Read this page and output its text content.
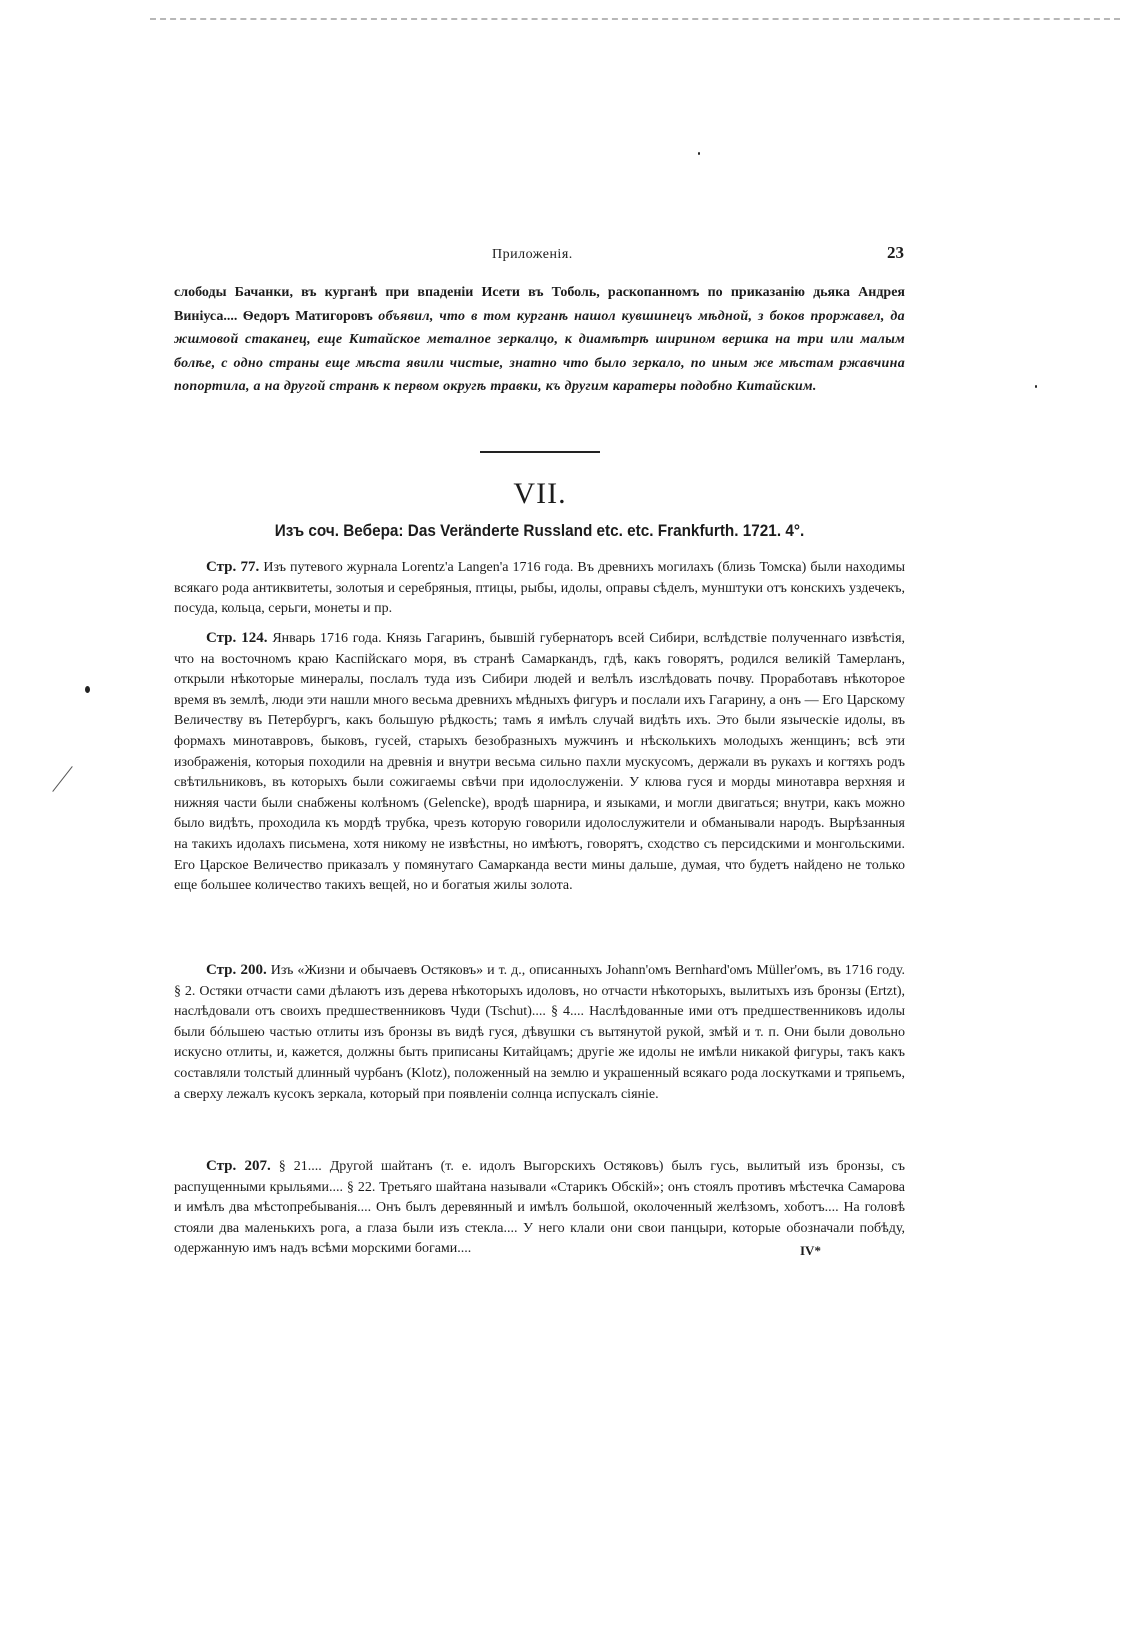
Приложенія.	23
слободы Бачанки, въ курганѣ при впаденіи Исети въ Тоболь, раскопанномъ по приказанію дьяка Андрея Виніуса.... Ѳедоръ Матигоровъ объявил, что в том курганѣ нашол кувшинецъ мѣдной, з боков проржавел, да жшмовой стаканец, еще Китайское металное зеркалцо, к диамѣтрѣ ширином вершка на три или малым болѣе, с одно страны еще мѣста явили чистые, знатно что было зеркало, по иным же мѣстам ржавчина попортила, а на другой странѣ к первом округѣ травки, къ другим каратеры подобно Китайским.
VII.
Изъ соч. Вебера: Das Veränderte Russland etc. etc. Frankfurth. 1721. 4°.
Стр. 77. Изъ путевого журнала Lorentz'a Langen'a 1716 года. Въ древнихъ могилахъ (близь Томска) были находимы всякаго рода антиквитеты, золотыя и серебряныя, птицы, рыбы, идолы, оправы сѣделъ, мунштуки отъ конскихъ уздечекъ, посуда, кольца, серьги, монеты и пр.
Стр. 124. Январь 1716 года. Князь Гагаринъ, бывшій губернаторъ всей Сибири, вслѣдствіе полученнаго извѣстія, что на восточномъ краю Каспійскаго моря, въ странѣ Самаркандъ, гдѣ, какъ говорятъ, родился великій Тамерланъ, открыли нѣкоторые минералы, послалъ туда изъ Сибири людей и велѣлъ изслѣдовать почву. Проработавъ нѣкоторое время въ землѣ, люди эти нашли много весьма древнихъ мѣдныхъ фигуръ и послали ихъ Гагарину, а онъ — Его Царскому Величеству въ Петербургъ, какъ большую рѣдкость; тамъ я имѣлъ случай видѣть ихъ. Это были языческіе идолы, въ формахъ минотавровъ, быковъ, гусей, старыхъ безобразныхъ мужчинъ и нѣсколькихъ молодыхъ женщинъ; всѣ эти изображенія, которыя походили на древнія и внутри весьма сильно пахли мускусомъ, держали въ рукахъ и когтяхъ родъ свѣтильниковъ, въ которыхъ были сожигаемы свѣчи при идолослуженіи. У клюва гуся и морды минотавра верхняя и нижняя части были снабжены колѣномъ (Gelencke), вродѣ шарнира, и языками, и могли двигаться; внутри, какъ можно было видѣть, проходила къ мордѣ трубка, чрезъ которую говорили идолослужители и обманывали народъ. Вырѣзанныя на такихъ идолахъ письмена, хотя никому не извѣстны, но имѣютъ, говорятъ, сходство съ персидскими и монгольскими. Его Царское Величество приказалъ у помянутаго Самарканда вести мины дальше, думая, что будетъ найдено не только еще большее количество такихъ вещей, но и богатыя жилы золота.
Стр. 200. Изъ «Жизни и обычаевъ Остяковъ» и т. д., описанныхъ Johann'омъ Bernhard'омъ Müller'омъ, въ 1716 году. § 2. Остяки отчасти сами дѣлаютъ изъ дерева нѣкоторыхъ идоловъ, но отчасти нѣкоторыхъ, вылитыхъ изъ бронзы (Ertzt), наслѣдовали отъ своихъ предшественниковъ Чуди (Tschut).... § 4.... Наслѣдованные ими отъ предшественниковъ идолы были бóльшею частью отлиты изъ бронзы въ видѣ гуся, дѣвушки съ вытянутой рукой, змѣй и т. п. Они были довольно искусно отлиты, и, кажется, должны быть приписаны Китайцамъ; другіе же идолы не имѣли никакой фигуры, такъ какъ составляли толстый длинный чурбанъ (Klotz), положенный на землю и украшенный всякаго рода лоскутками и тряпьемъ, а сверху лежалъ кусокъ зеркала, который при появленіи солнца испускалъ сіяніе.
Стр. 207. § 21.... Другой шайтанъ (т. е. идолъ Выгорскихъ Остяковъ) былъ гусь, вылитый изъ бронзы, съ распущенными крыльями.... § 22. Третьяго шайтана называли «Старикъ Обскій»; онъ стоялъ противъ мѣстечка Самарова и имѣлъ два мѣстопребыванія.... Онъ былъ деревянный и имѣлъ большой, околоченный желѣзомъ, хоботъ.... На головѣ стояли два маленькихъ рога, а глаза были изъ стекла.... У него клали они свои панцыри, которые обозначали побѣду, одержанную имъ надъ всѣми морскими богами....	IV*
